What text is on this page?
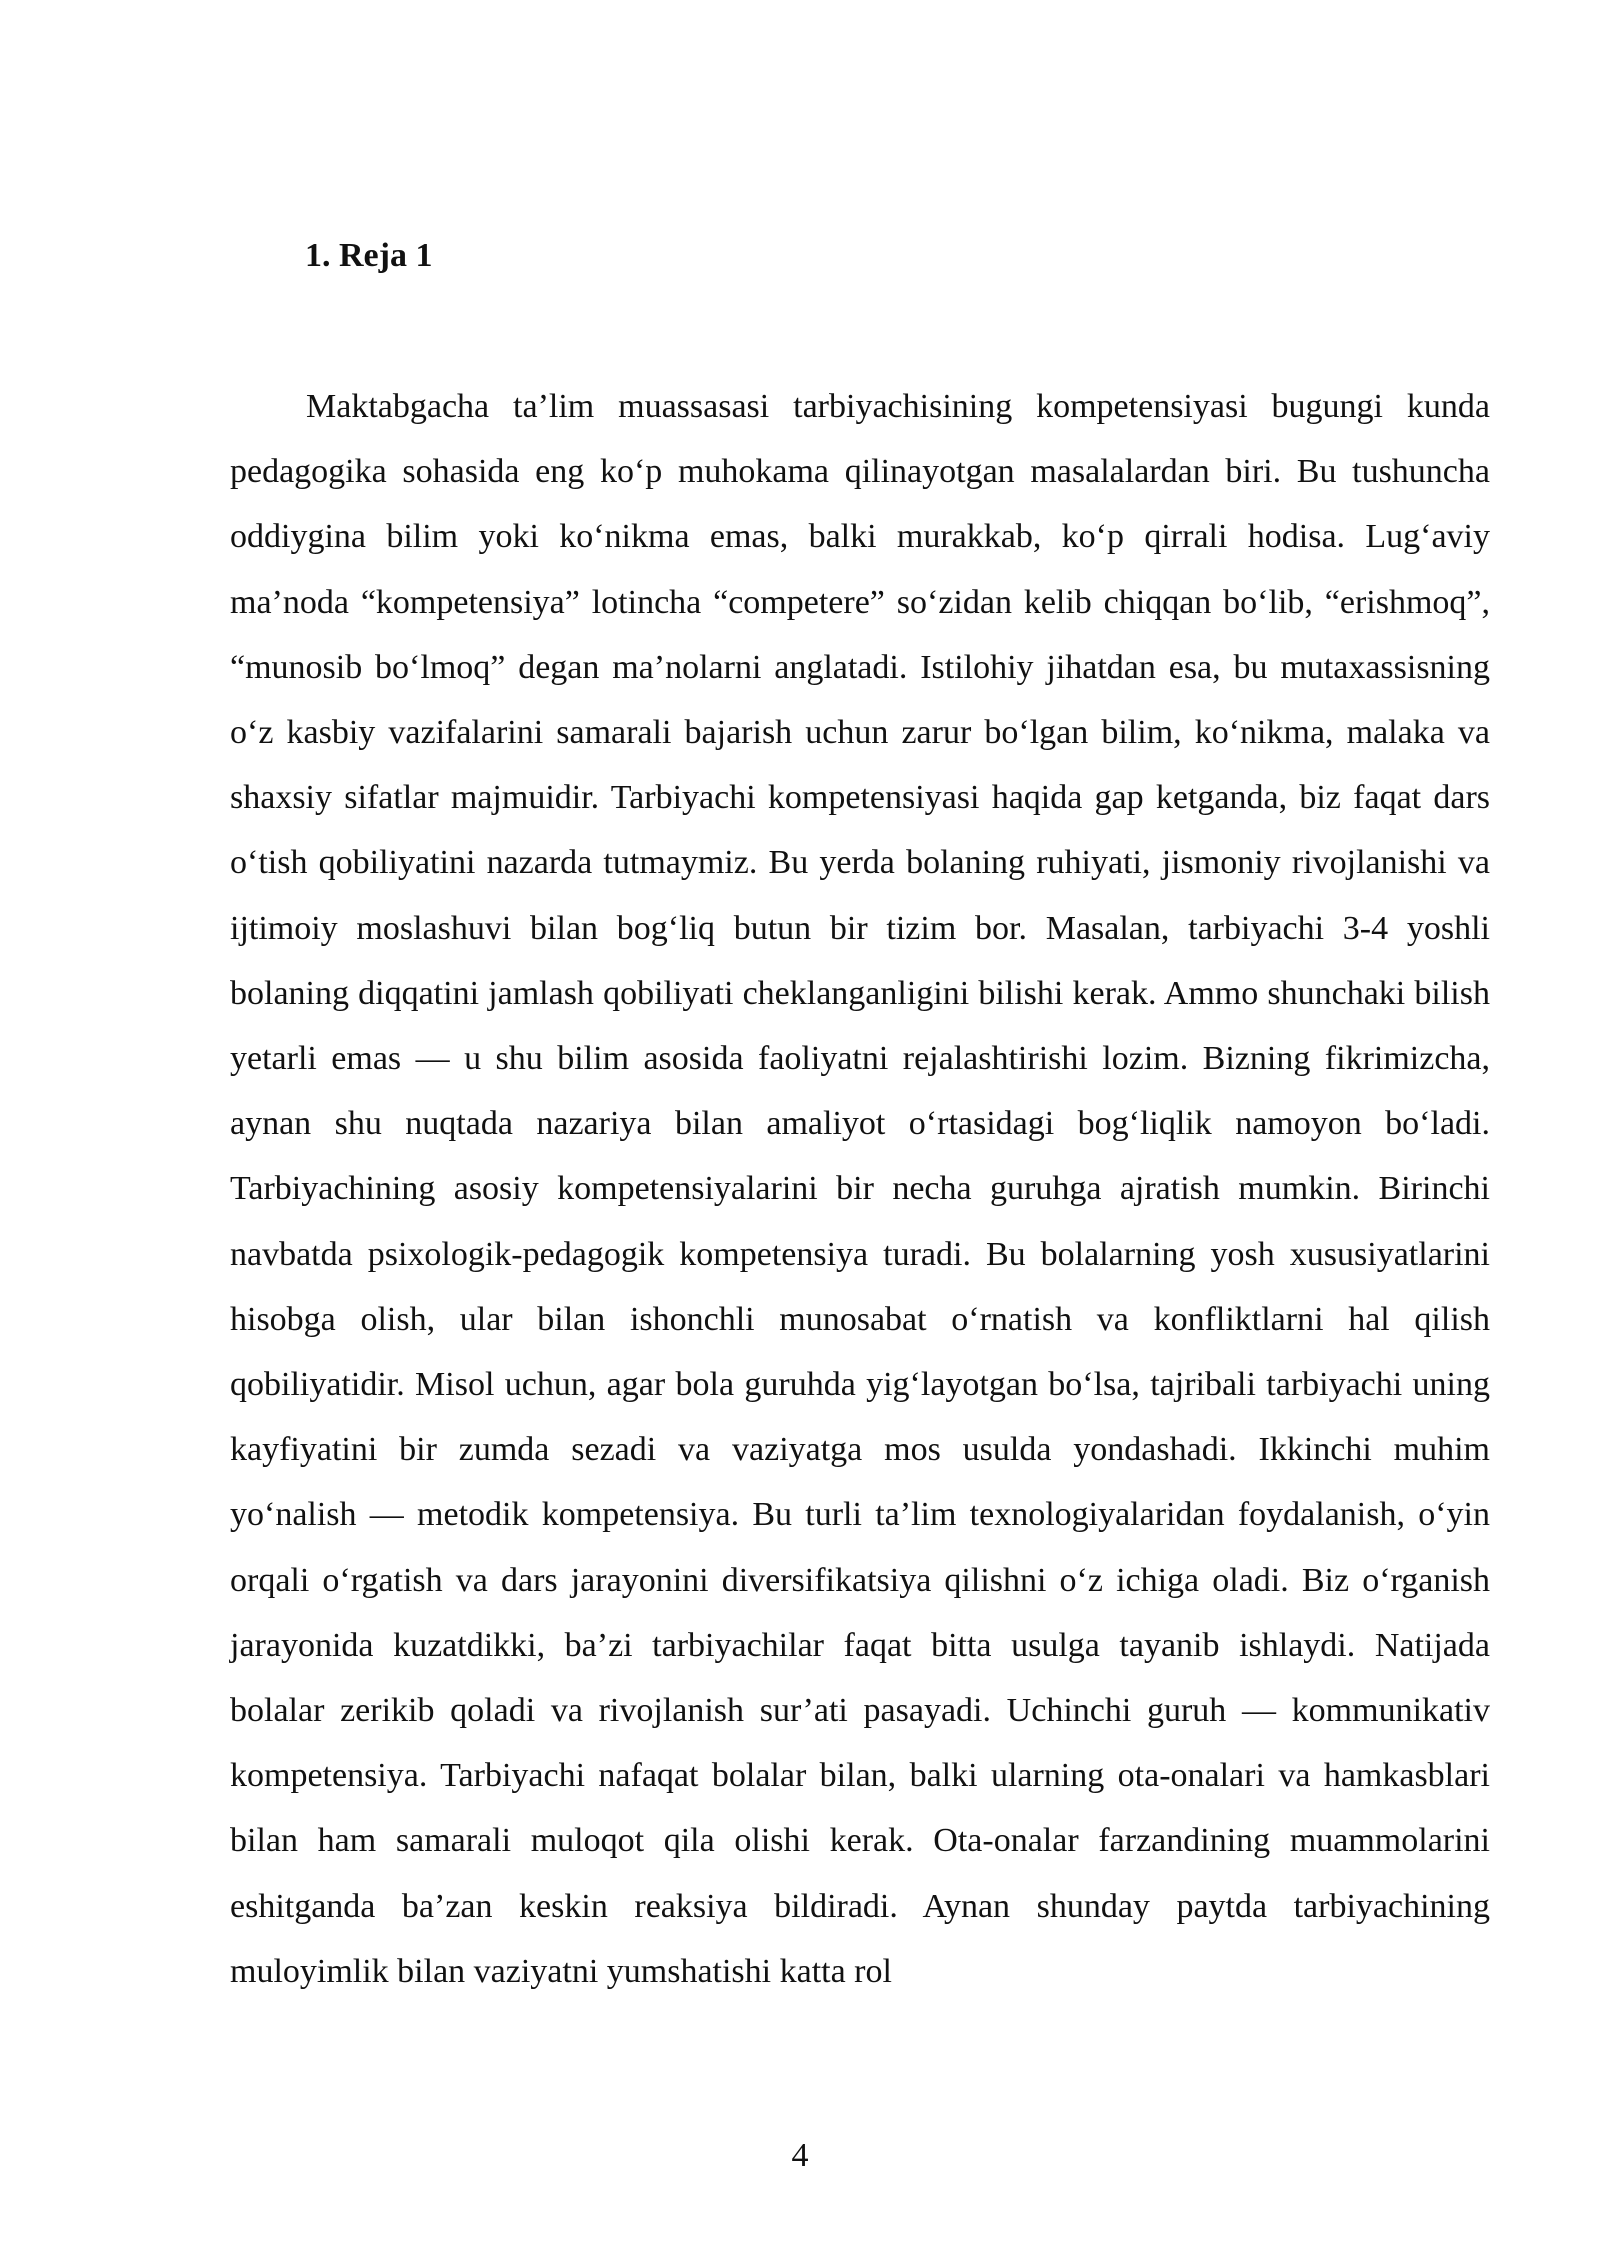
1. Reja 1

Maktabgacha ta’lim muassasasi tarbiyachisining kompetensiyasi bugungi kunda pedagogika sohasida eng ko‘p muhokama qilinayotgan masalalardan biri. Bu tushuncha oddiygina bilim yoki ko‘nikma emas, balki murakkab, ko‘p qirrali hodisa. Lug‘aviy ma’noda “kompetensiya” lotincha “competere” so‘zidan kelib chiqqan bo‘lib, “erishmoq”, “munosib bo‘lmoq” degan ma’nolarni anglatadi. Istilohiy jihatdan esa, bu mutaxassisning o‘z kasbiy vazifalarini samarali bajarish uchun zarur bo‘lgan bilim, ko‘nikma, malaka va shaxsiy sifatlar majmuidir. Tarbiyachi kompetensiyasi haqida gap ketganda, biz faqat dars o‘tish qobiliyatini nazarda tutmaymiz. Bu yerda bolaning ruhiyati, jismoniy rivojlanishi va ijtimoiy moslashuvi bilan bog‘liq butun bir tizim bor. Masalan, tarbiyachi 3-4 yoshli bolaning diqqatini jamlash qobiliyati cheklanganligini bilishi kerak. Ammo shunchaki bilish yetarli emas — u shu bilim asosida faoliyatni rejalashtirishi lozim. Bizning fikrimizcha, aynan shu nuqtada nazariya bilan amaliyot o‘rtasidagi bog‘liqlik namoyon bo‘ladi. Tarbiyachining asosiy kompetensiyalarini bir necha guruhga ajratish mumkin. Birinchi navbatda psixologik-pedagogik kompetensiya turadi. Bu bolalarning yosh xususiyatlarini hisobga olish, ular bilan ishonchli munosabat o‘rnatish va konfliktlarni hal qilish qobiliyatidir. Misol uchun, agar bola guruhda yig‘layotgan bo‘lsa, tajribali tarbiyachi uning kayfiyatini bir zumda sezadi va vaziyatga mos usulda yondashadi. Ikkinchi muhim yo‘nalish — metodik kompetensiya. Bu turli ta’lim texnologiyalaridan foydalanish, o‘yin orqali o‘rgatish va dars jarayonini diversifikatsiya qilishni o‘z ichiga oladi. Biz o‘rganish jarayonida kuzatdikki, ba’zi tarbiyachilar faqat bitta usulga tayanib ishlaydi. Natijada bolalar zerikib qoladi va rivojlanish sur’ati pasayadi. Uchinchi guruh — kommunikativ kompetensiya. Tarbiyachi nafaqat bolalar bilan, balki ularning ota-onalari va hamkasblari bilan ham samarali muloqot qila olishi kerak. Ota-onalar farzandining muammolarini eshitganda ba’zan keskin reaksiya bildiradi. Aynan shunday paytda tarbiyachining muloyimlik bilan vaziyatni yumshatishi katta rol

4
